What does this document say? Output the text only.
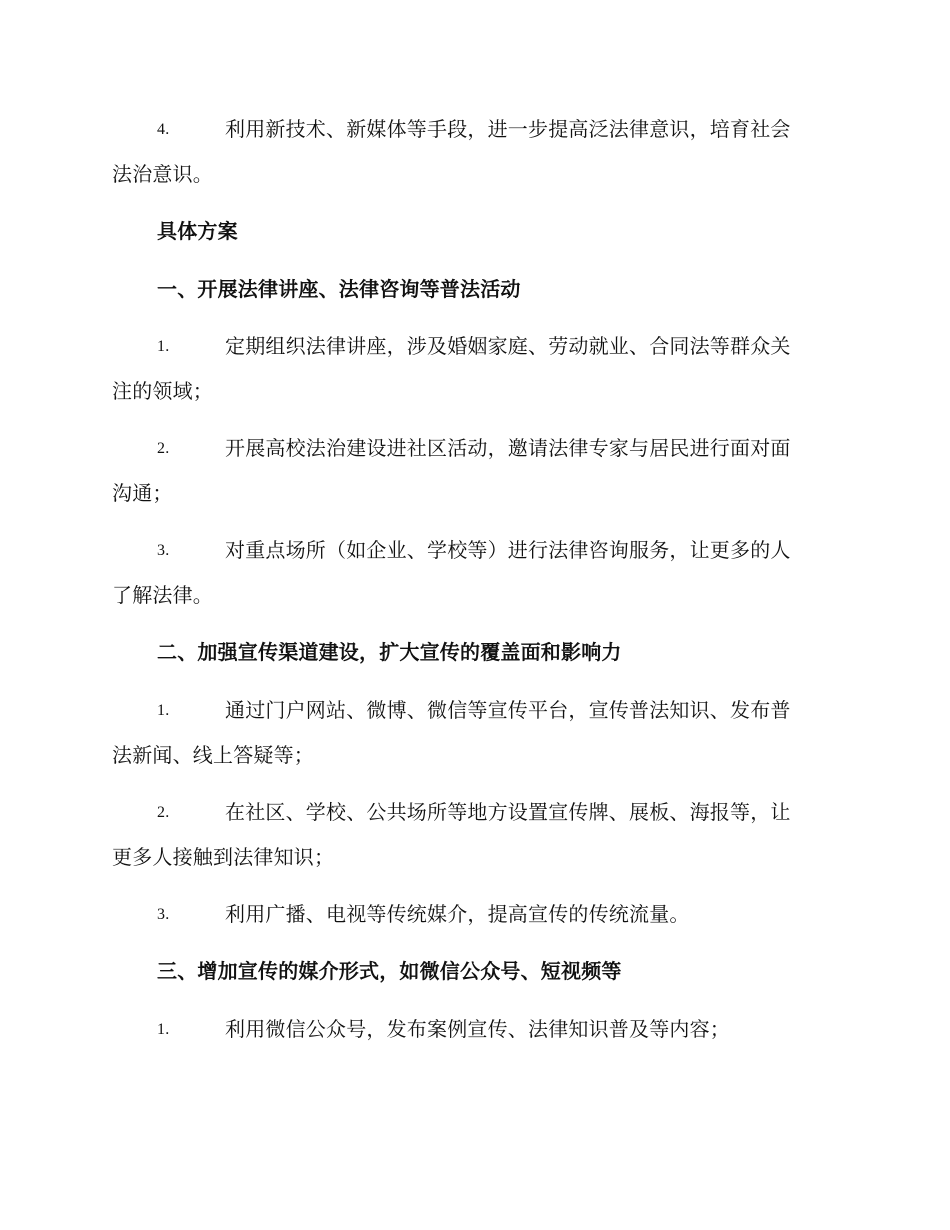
4.	利用新技术、新媒体等手段，进一步提高泛法律意识，培育社会
法治意识。
具体方案
一、开展法律讲座、法律咨询等普法活动
1.	定期组织法律讲座，涉及婚姻家庭、劳动就业、合同法等群众关
注的领域；
2.	开展高校法治建设进社区活动，邀请法律专家与居民进行面对面
沟通；
3.	对重点场所（如企业、学校等）进行法律咨询服务，让更多的人
了解法律。
二、加强宣传渠道建设，扩大宣传的覆盖面和影响力
1.	通过门户网站、微博、微信等宣传平台，宣传普法知识、发布普
法新闻、线上答疑等；
2.	在社区、学校、公共场所等地方设置宣传牌、展板、海报等，让
更多人接触到法律知识；
3.	利用广播、电视等传统媒介，提高宣传的传统流量。
三、增加宣传的媒介形式，如微信公众号、短视频等
1.	利用微信公众号，发布案例宣传、法律知识普及等内容；
